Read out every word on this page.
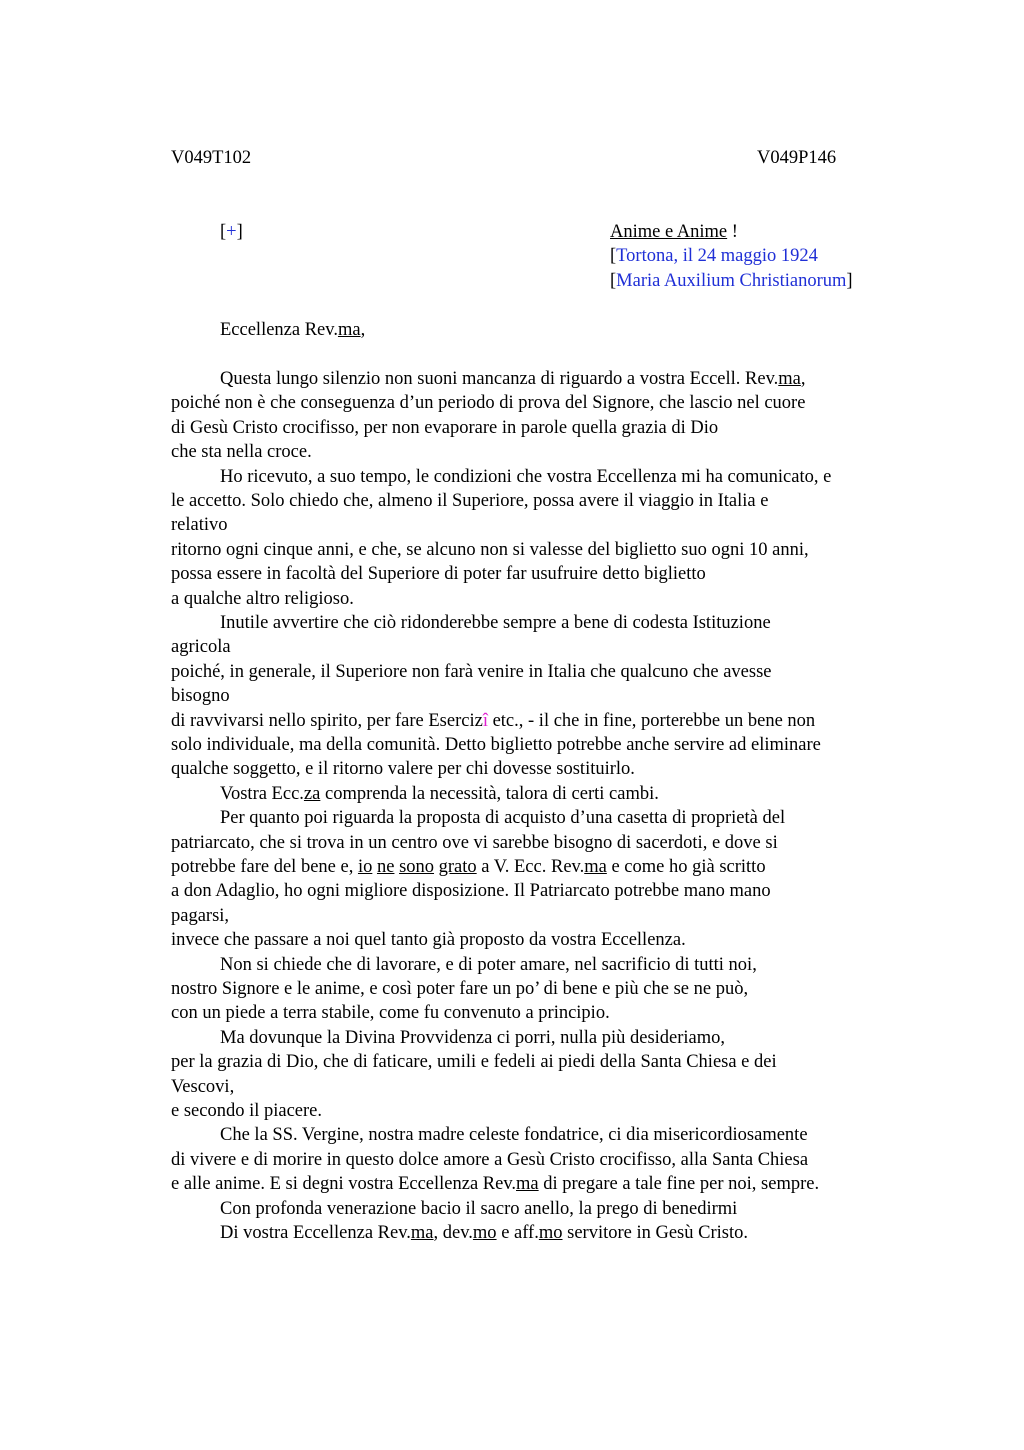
V049T102	V049P146
[+]	Anime e Anime !
[Tortona, il 24 maggio 1924
[Maria Auxilium Christianorum]
Eccellenza Rev.ma,
Questa lungo silenzio non suoni mancanza di riguardo a vostra Eccell. Rev.ma,
poiché non è che conseguenza d’un periodo di prova del Signore, che lascio nel cuore
di Gesù Cristo crocifisso, per non evaporare in parole quella grazia di Dio
che sta nella croce.
Ho ricevuto, a suo tempo, le condizioni che vostra Eccellenza mi ha comunicato, e
le accetto. Solo chiedo che, almeno il Superiore, possa avere il viaggio in Italia e
relativo
ritorno ogni cinque anni, e che, se alcuno non si valesse del biglietto suo ogni 10 anni,
possa essere in facoltà del Superiore di poter far usufruire detto biglietto
a qualche altro religioso.
Inutile avvertire che ciò ridonderebbe sempre a bene di codesta Istituzione
agricola
poiché, in generale, il Superiore non farà venire in Italia che qualcuno che avesse
bisogno
di ravvivarsi nello spirito, per fare Esercizî etc., - il che in fine, porterebbe un bene non
solo individuale, ma della comunità. Detto biglietto potrebbe anche servire ad eliminare
qualche soggetto, e il ritorno valere per chi dovesse sostituirlo.
Vostra Ecc.za comprenda la necessità, talora di certi cambi.
Per quanto poi riguarda la proposta di acquisto d’una casetta di proprietà del
patriarcato, che si trova in un centro ove vi sarebbe bisogno di sacerdoti, e dove si
potrebbe fare del bene e, io ne sono grato a V. Ecc. Rev.ma e come ho già scritto
a don Adaglio, ho ogni migliore disposizione. Il Patriarcato potrebbe mano mano
pagarsi,
invece che passare a noi quel tanto già proposto da vostra Eccellenza.
Non si chiede che di lavorare, e di poter amare, nel sacrificio di tutti noi,
nostro Signore e le anime, e così poter fare un po’ di bene e più che se ne può,
con un piede a terra stabile, come fu convenuto a principio.
Ma dovunque la Divina Provvidenza ci porri, nulla più desideriamo,
per la grazia di Dio, che di faticare, umili e fedeli ai piedi della Santa Chiesa e dei
Vescovi,
e secondo il piacere.
Che la SS. Vergine, nostra madre celeste fondatrice, ci dia misericordiosamente
di vivere e di morire in questo dolce amore a Gesù Cristo crocifisso, alla Santa Chiesa
e alle anime. E si degni vostra Eccellenza Rev.ma di pregare a tale fine per noi, sempre.
Con profonda venerazione bacio il sacro anello, la prego di benedirmi
Di vostra Eccellenza Rev.ma, dev.mo e aff.mo servitore in Gesù Cristo.
